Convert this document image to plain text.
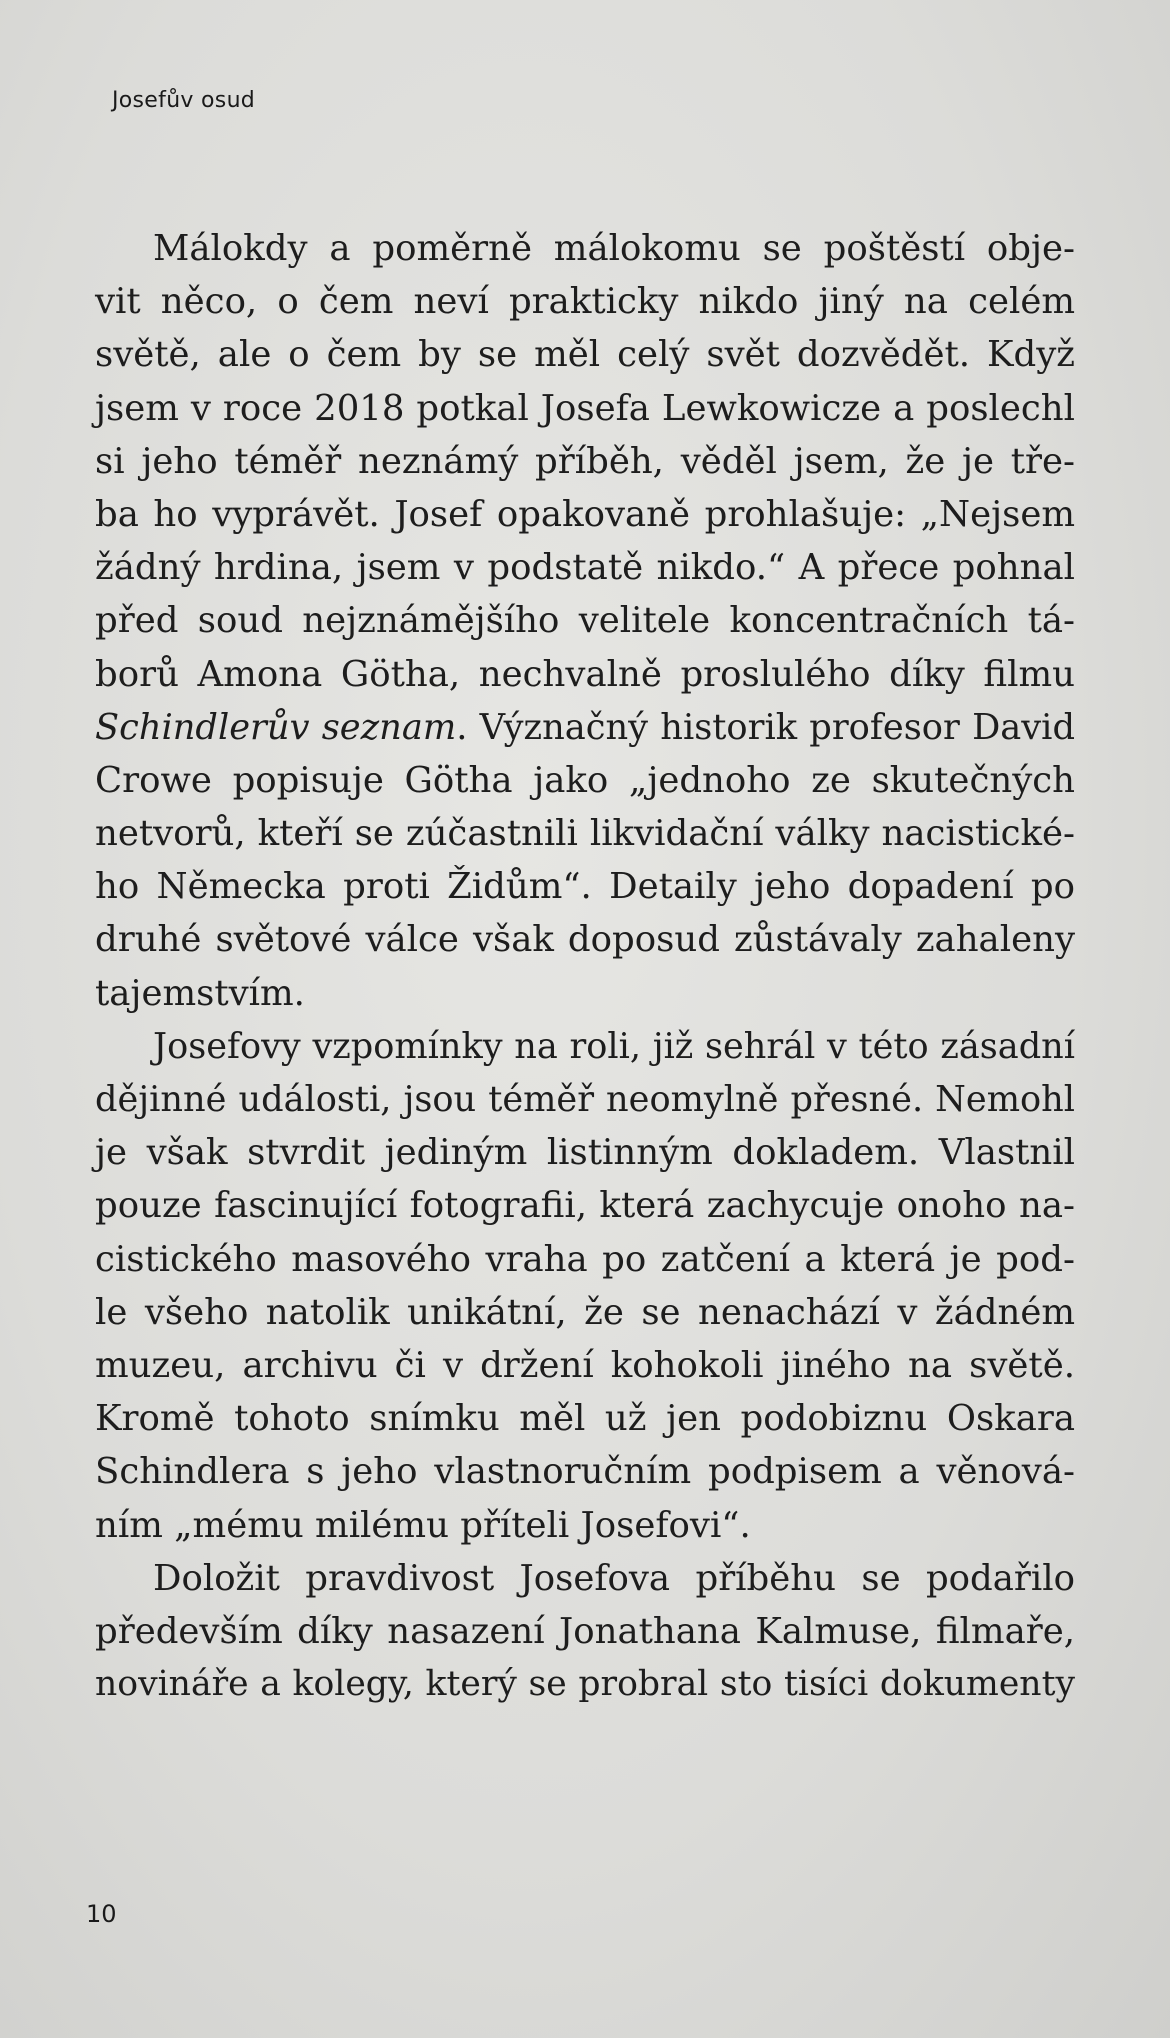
Josefův osud
Málokdy a poměrně málokomu se poštěstí obje-
vit něco, o čem neví prakticky nikdo jiný na celém
světě, ale o čem by se měl celý svět dozvědět. Když
jsem v roce 2018 potkal Josefa Lewkowicze a poslechl
si jeho téměř neznámý příběh, věděl jsem, že je tře-
ba ho vyprávět. Josef opakovaně prohlašuje: „Nejsem
žádný hrdina, jsem v podstatě nikdo.“ A přece pohnal
před soud nejznámějšího velitele koncentračních tá-
borů Amona Götha, nechvalně proslulého díky filmu
Schindlerův seznam. Význačný historik profesor David
Crowe popisuje Götha jako „jednoho ze skutečných
netvorů, kteří se zúčastnili likvidační války nacistické-
ho Německa proti Židům“. Detaily jeho dopadení po
druhé světové válce však doposud zůstávaly zahaleny
tajemstvím.
Josefovy vzpomínky na roli, již sehrál v této zásadní
dějinné události, jsou téměř neomylně přesné. Nemohl
je však stvrdit jediným listinným dokladem. Vlastnil
pouze fascinující fotografii, která zachycuje onoho na-
cistického masového vraha po zatčení a která je pod-
le všeho natolik unikátní, že se nenachází v žádném
muzeu, archivu či v držení kohokoli jiného na světě.
Kromě tohoto snímku měl už jen podobiznu Oskara
Schindlera s jeho vlastnoručním podpisem a věnová-
ním „mému milému příteli Josefovi“.
Doložit pravdivost Josefova příběhu se podařilo
především díky nasazení Jonathana Kalmuse, filmaře,
novináře a kolegy, který se probral sto tisíci dokumenty
10
